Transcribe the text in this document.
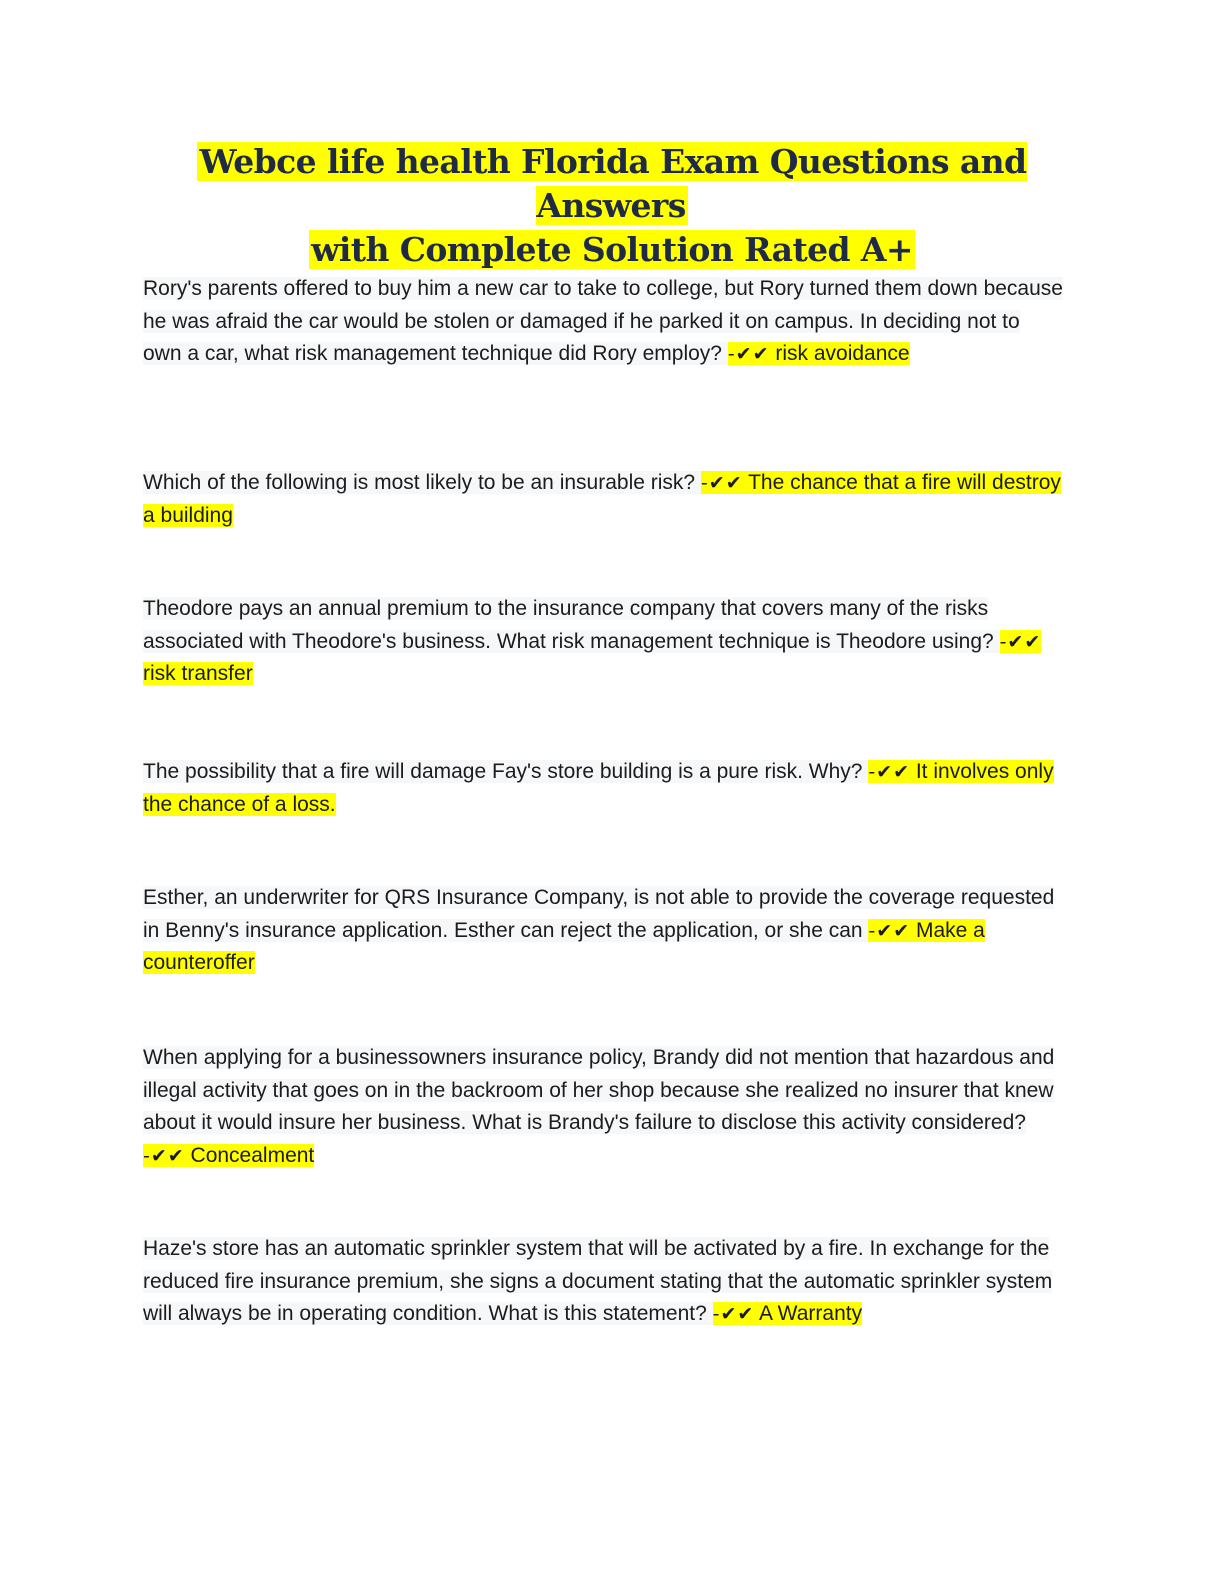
Webce life health Florida Exam Questions and Answers
with Complete Solution Rated A+
Rory's parents offered to buy him a new car to take to college, but Rory turned them down because he was afraid the car would be stolen or damaged if he parked it on campus. In deciding not to own a car, what risk management technique did Rory employ? -✔✔ risk avoidance
Which of the following is most likely to be an insurable risk? -✔✔ The chance that a fire will destroy a building
Theodore pays an annual premium to the insurance company that covers many of the risks associated with Theodore's business. What risk management technique is Theodore using? -✔✔ risk transfer
The possibility that a fire will damage Fay's store building is a pure risk. Why? -✔✔ It involves only the chance of a loss.
Esther, an underwriter for QRS Insurance Company, is not able to provide the coverage requested in Benny's insurance application. Esther can reject the application, or she can -✔✔ Make a counteroffer
When applying for a businessowners insurance policy, Brandy did not mention that hazardous and illegal activity that goes on in the backroom of her shop because she realized no insurer that knew about it would insure her business. What is Brandy's failure to disclose this activity considered? -✔✔ Concealment
Haze's store has an automatic sprinkler system that will be activated by a fire. In exchange for the reduced fire insurance premium, she signs a document stating that the automatic sprinkler system will always be in operating condition. What is this statement? -✔✔ A Warranty
